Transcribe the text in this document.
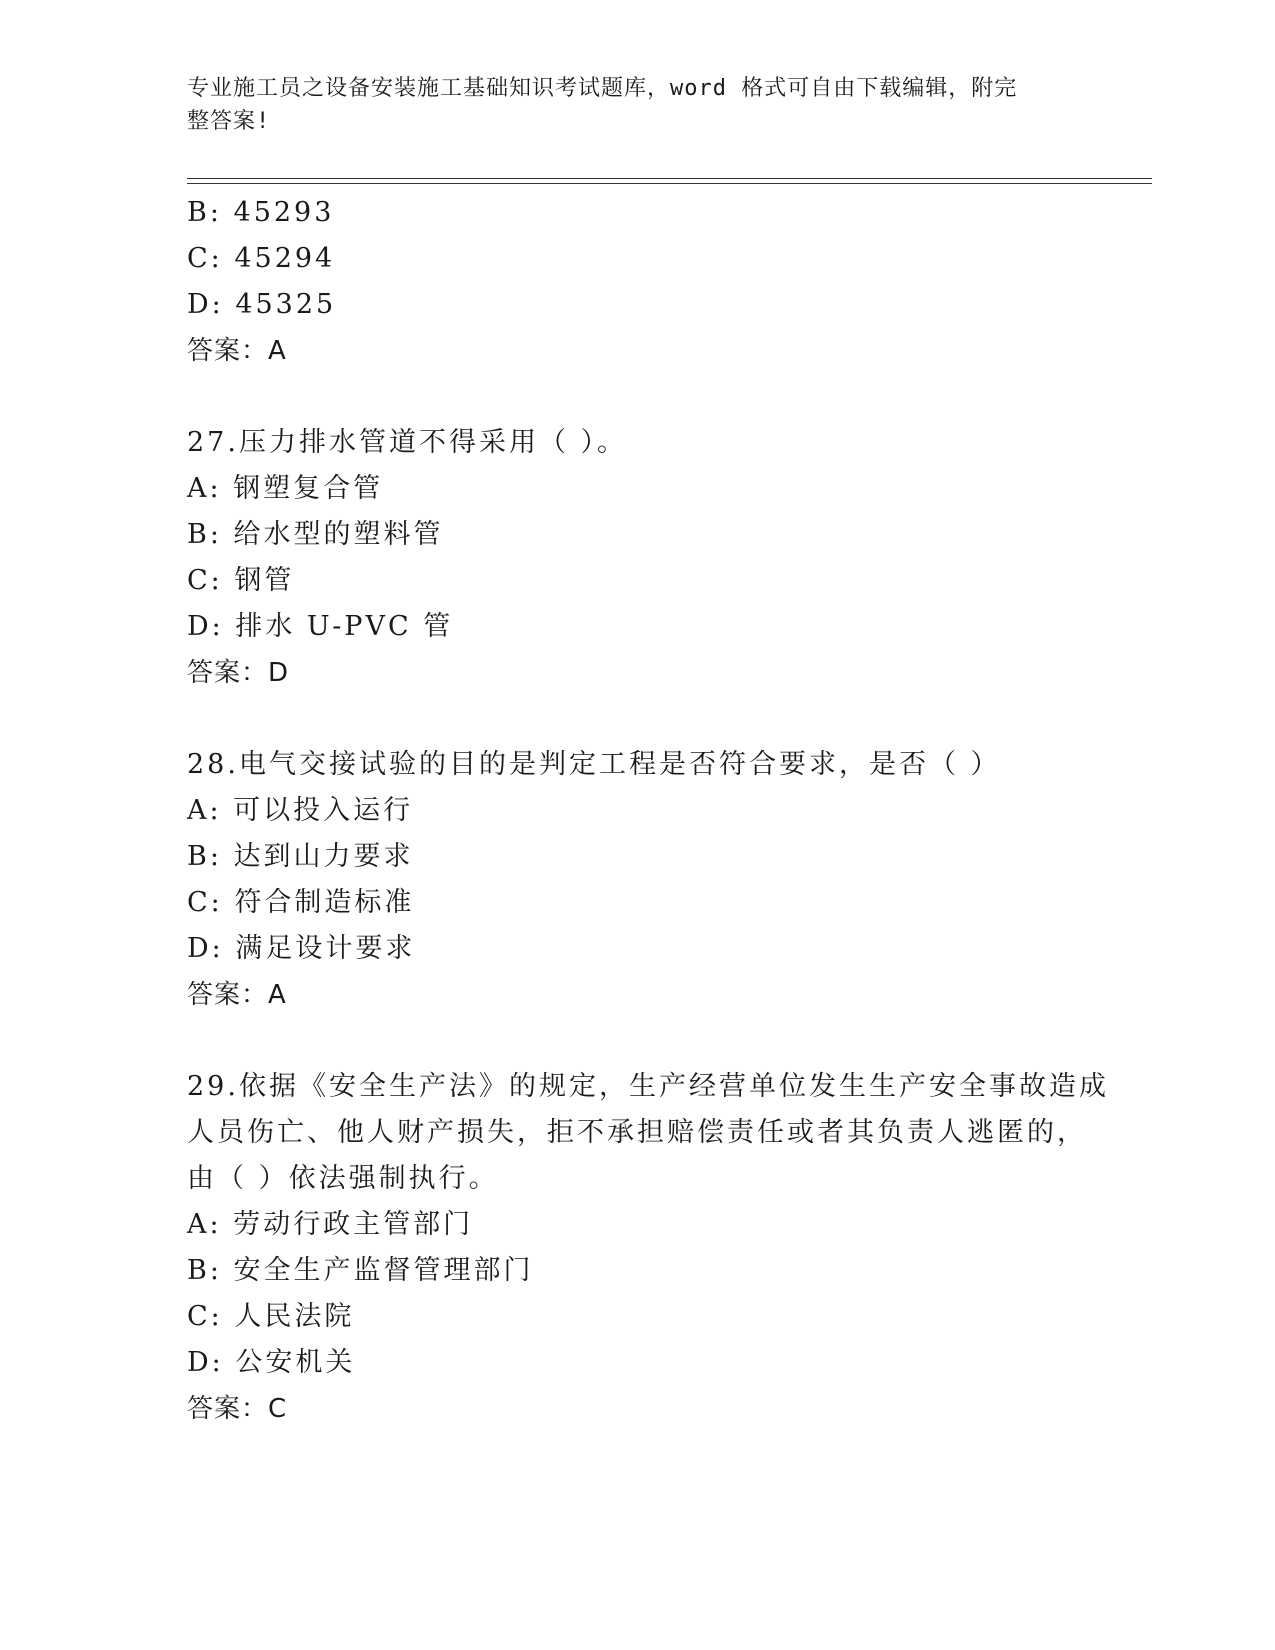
专业施工员之设备安装施工基础知识考试题库，word 格式可自由下载编辑，附完
整答案!
B: 45293
C: 45294
D: 45325
答案：A
27.压力排水管道不得采用（ ）。
A: 钢塑复合管
B: 给水型的塑料管
C: 钢管
D: 排水 U-PVC 管
答案：D
28.电气交接试验的目的是判定工程是否符合要求，是否（ ）
A: 可以投入运行
B: 达到山力要求
C: 符合制造标准
D: 满足设计要求
答案：A
29.依据《安全生产法》的规定，生产经营单位发生生产安全事故造成
人员伤亡、他人财产损失，拒不承担赔偿责任或者其负责人逃匿的，
由（ ）依法强制执行。
A: 劳动行政主管部门
B: 安全生产监督管理部门
C: 人民法院
D: 公安机关
答案：C
